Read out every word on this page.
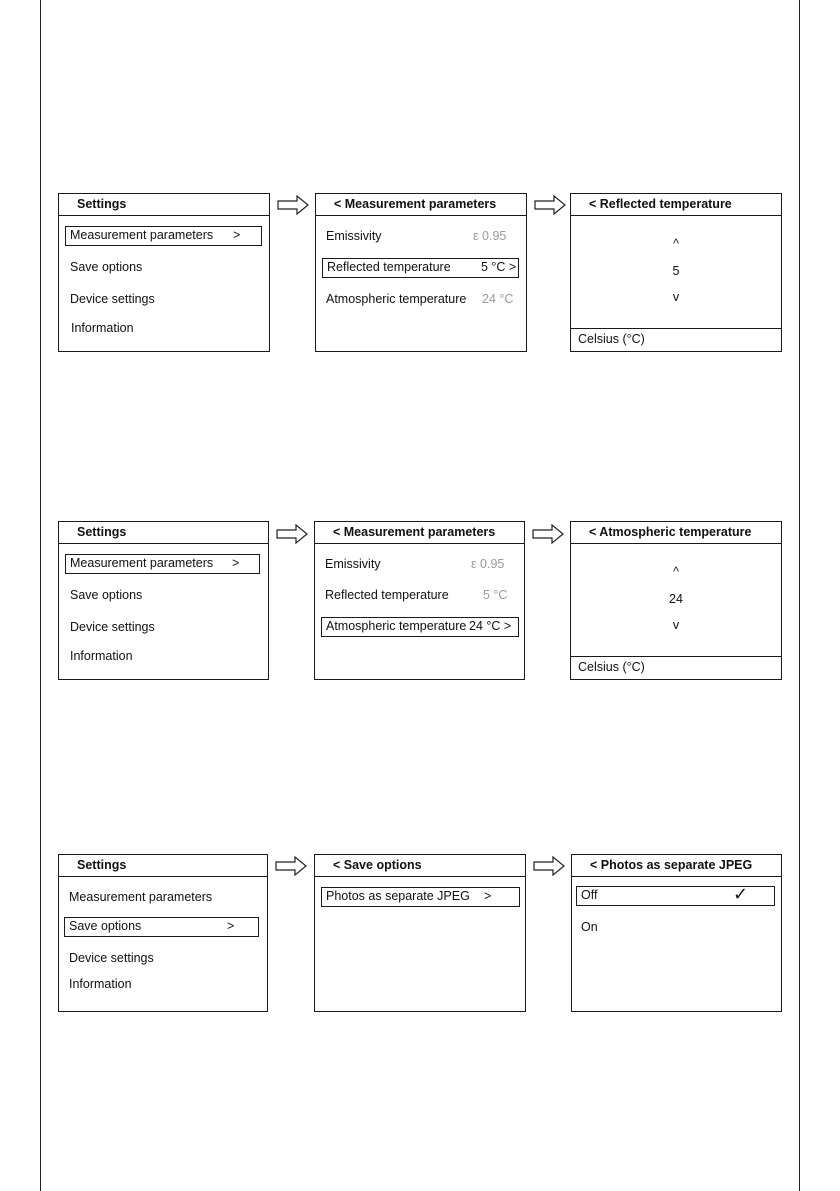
Settings
Measurement parameters >
Save options
Device settings
Information
< Measurement parameters
Emissivity	ε 0.95
Reflected temperature 5 °C >
Atmospheric temperature 24 °C
< Reflected temperature
^
5
v
Celsius (°C)
Settings
Measurement parameters >
Save options
Device settings
Information
< Measurement parameters
Emissivity	ε 0.95
Reflected temperature	5 °C
Atmospheric temperature 24 °C >
< Atmospheric temperature
^
24
v
Celsius (°C)
Settings
Measurement parameters
Save options	>
Device settings
Information
< Save options
Photos as separate JPEG >
< Photos as separate JPEG
Off	✓
On
